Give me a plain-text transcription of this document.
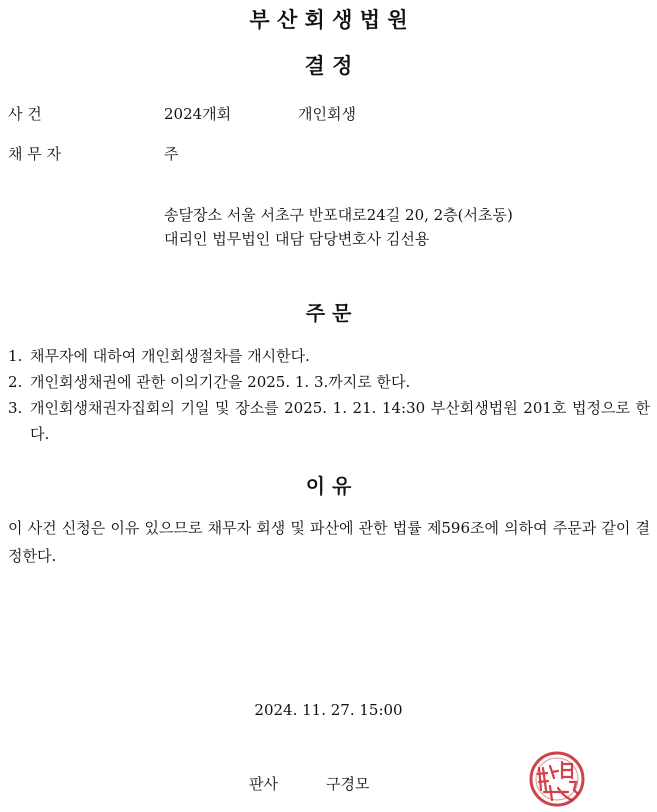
부 산 회 생 법 원
결 정
사 건	2024개회	개인회생
채 무 자	주
송달장소 서울 서초구 반포대로24길 20, 2층(서초동)
대리인 법무법인 대담 담당변호사 김선용
주 문
1. 채무자에 대하여 개인회생절차를 개시한다.
2. 개인회생채권에 관한 이의기간을 2025. 1. 3.까지로 한다.
3. 개인회생채권자집회의 기일 및 장소를 2025. 1. 21. 14:30 부산회생법원 201호 법정으로 한다.
이 유
이 사건 신청은 이유 있으므로 채무자 회생 및 파산에 관한 법률 제596조에 의하여 주문과 같이 결정한다.
2024. 11. 27. 15:00
판사	구경모
